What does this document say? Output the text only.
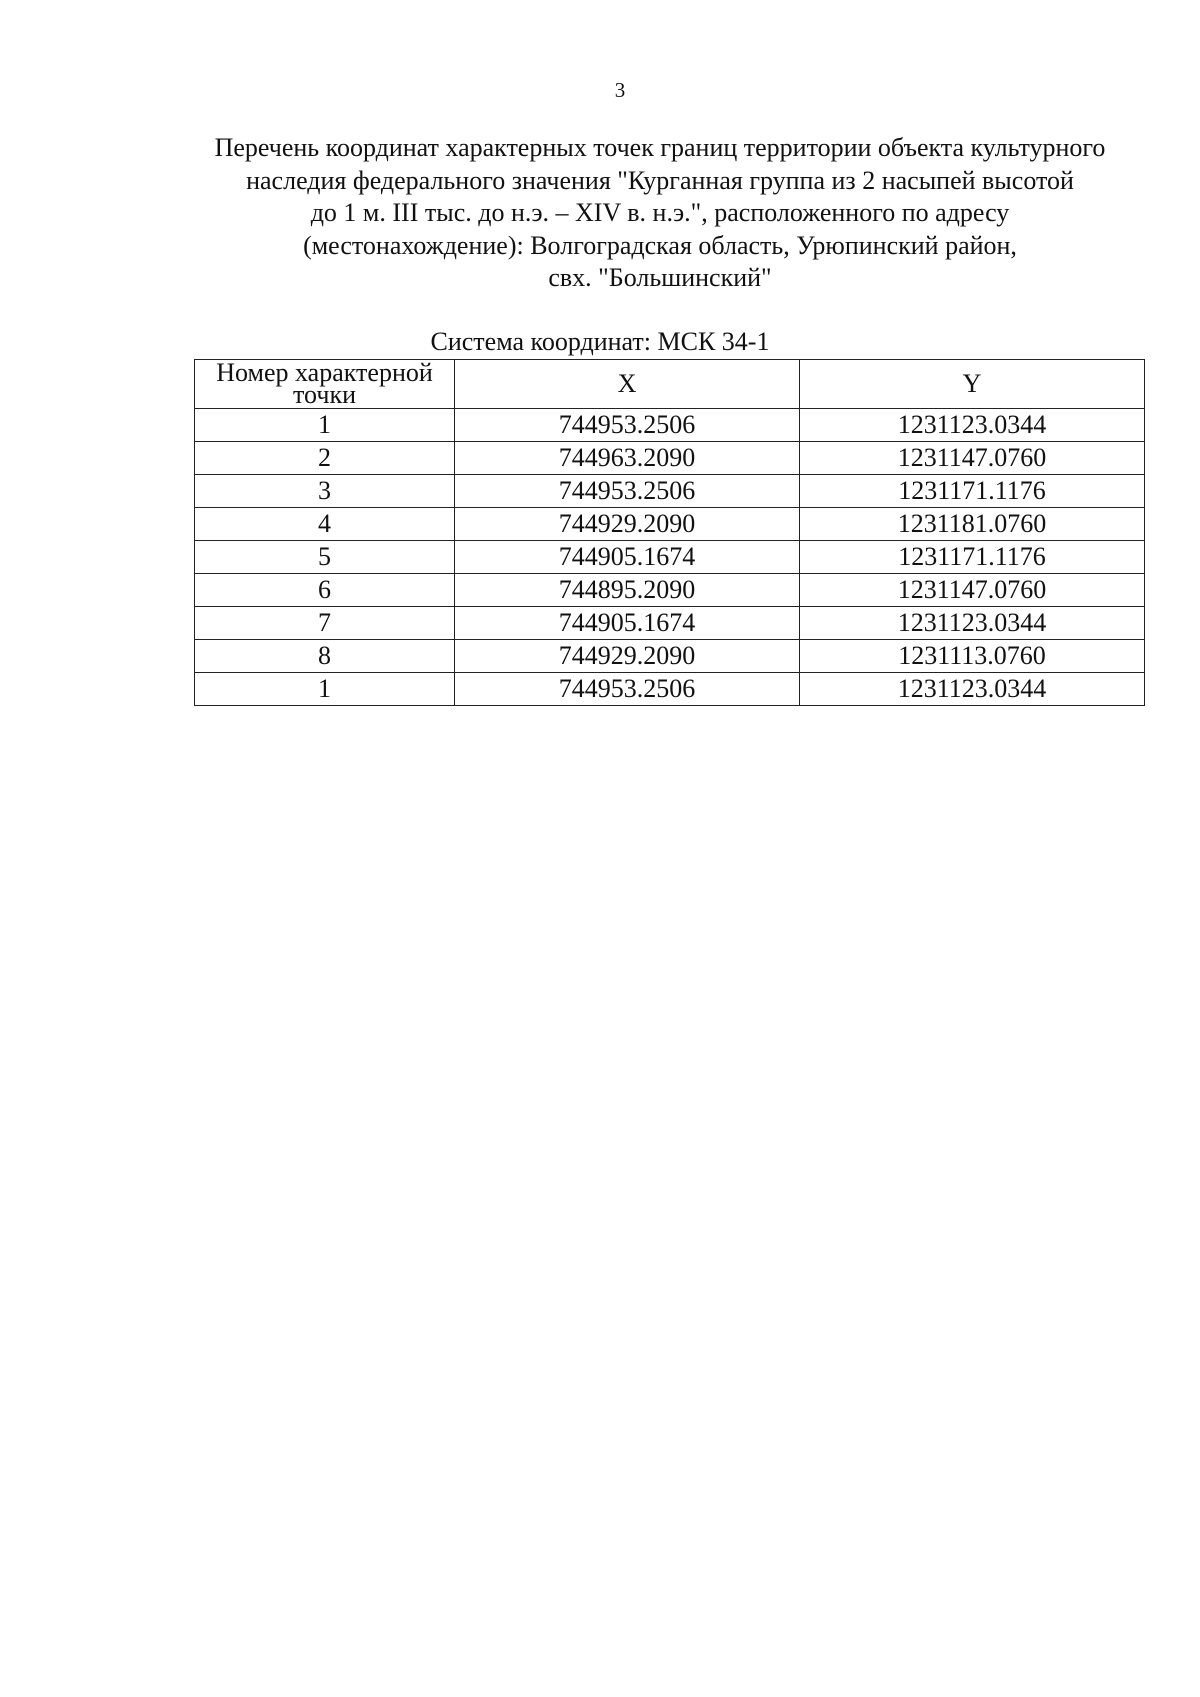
3
Перечень координат характерных точек границ территории объекта культурного
наследия федерального значения "Курганная группа из 2 насыпей высотой
до 1 м. III тыс. до н.э. – XIV в. н.э.", расположенного по адресу
(местонахождение): Волгоградская область, Урюпинский район,
свх. "Большинский"
Система координат: МСК 34-1
Номер характерной
точки	X	Y
1	744953.2506	1231123.0344
2	744963.2090	1231147.0760
3	744953.2506	1231171.1176
4	744929.2090	1231181.0760
5	744905.1674	1231171.1176
6	744895.2090	1231147.0760
7	744905.1674	1231123.0344
8	744929.2090	1231113.0760
1	744953.2506	1231123.0344
